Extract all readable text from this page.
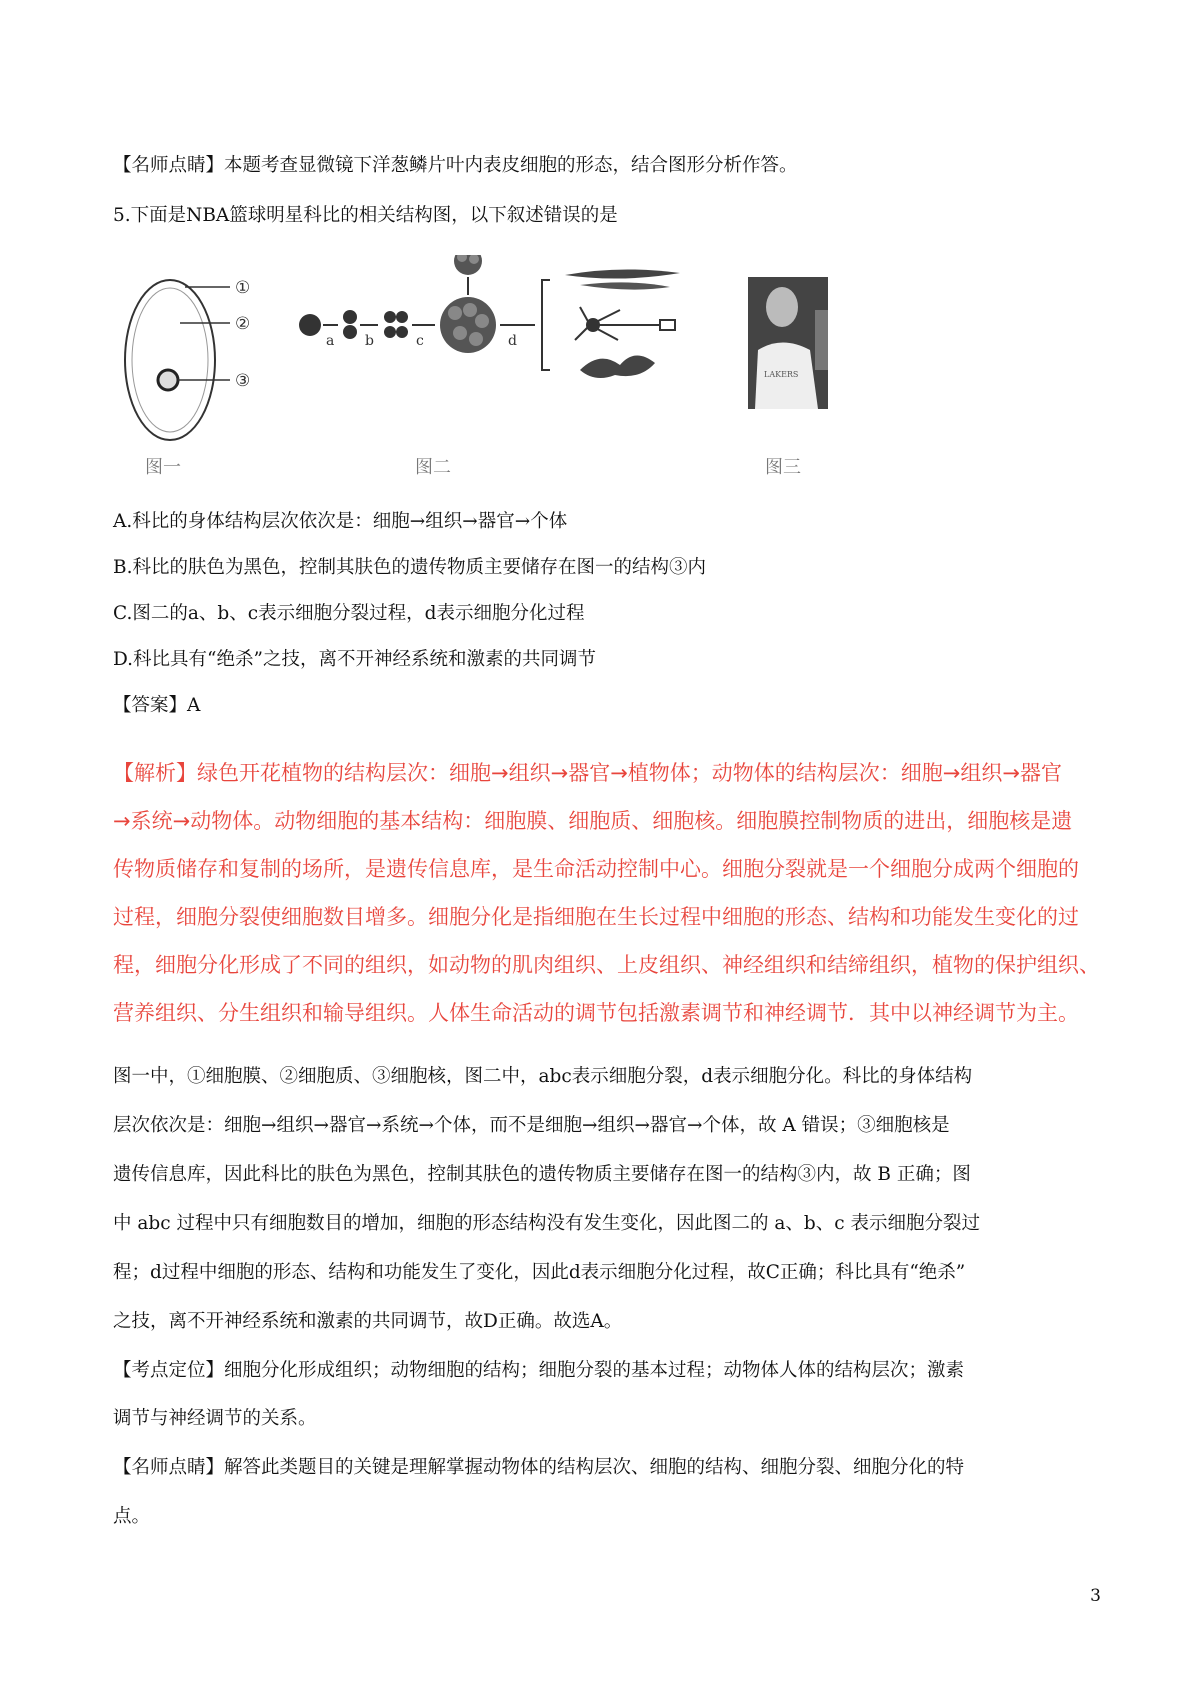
【名师点睛】本题考查显微镜下洋葱鳞片叶内表皮细胞的形态，结合图形分析作答。
5.下面是NBA篮球明星科比的相关结构图，以下叙述错误的是
①
②
③
图一
a b	c	d
图二
LAKERS
图三
A.科比的身体结构层次依次是：细胞→组织→器官→个体
B.科比的肤色为黑色，控制其肤色的遗传物质主要储存在图一的结构③内
C.图二的a、b、c表示细胞分裂过程，d表示细胞分化过程
D.科比具有“绝杀”之技，离不开神经系统和激素的共同调节
【答案】A
【解析】绿色开花植物的结构层次：细胞→组织→器官→植物体；动物体的结构层次：细胞→组织→器官
→系统→动物体。动物细胞的基本结构：细胞膜、细胞质、细胞核。细胞膜控制物质的进出，细胞核是遗
传物质储存和复制的场所，是遗传信息库，是生命活动控制中心。细胞分裂就是一个细胞分成两个细胞的
过程，细胞分裂使细胞数目增多。细胞分化是指细胞在生长过程中细胞的形态、结构和功能发生变化的过
程，细胞分化形成了不同的组织，如动物的肌肉组织、上皮组织、神经组织和结缔组织，植物的保护组织、
营养组织、分生组织和输导组织。人体生命活动的调节包括激素调节和神经调节．其中以神经调节为主。
图一中，①细胞膜、②细胞质、③细胞核，图二中，abc表示细胞分裂，d表示细胞分化。科比的身体结构
层次依次是：细胞→组织→器官→系统→个体，而不是细胞→组织→器官→个体，故 A 错误；③细胞核是
遗传信息库，因此科比的肤色为黑色，控制其肤色的遗传物质主要储存在图一的结构③内，故 B 正确；图
中 abc 过程中只有细胞数目的增加，细胞的形态结构没有发生变化，因此图二的 a、b、c 表示细胞分裂过
程；d过程中细胞的形态、结构和功能发生了变化，因此d表示细胞分化过程，故C正确；科比具有“绝杀”
之技，离不开神经系统和激素的共同调节，故D正确。故选A。
【考点定位】细胞分化形成组织；动物细胞的结构；细胞分裂的基本过程；动物体人体的结构层次；激素
调节与神经调节的关系。
【名师点睛】解答此类题目的关键是理解掌握动物体的结构层次、细胞的结构、细胞分裂、细胞分化的特
点。
3
